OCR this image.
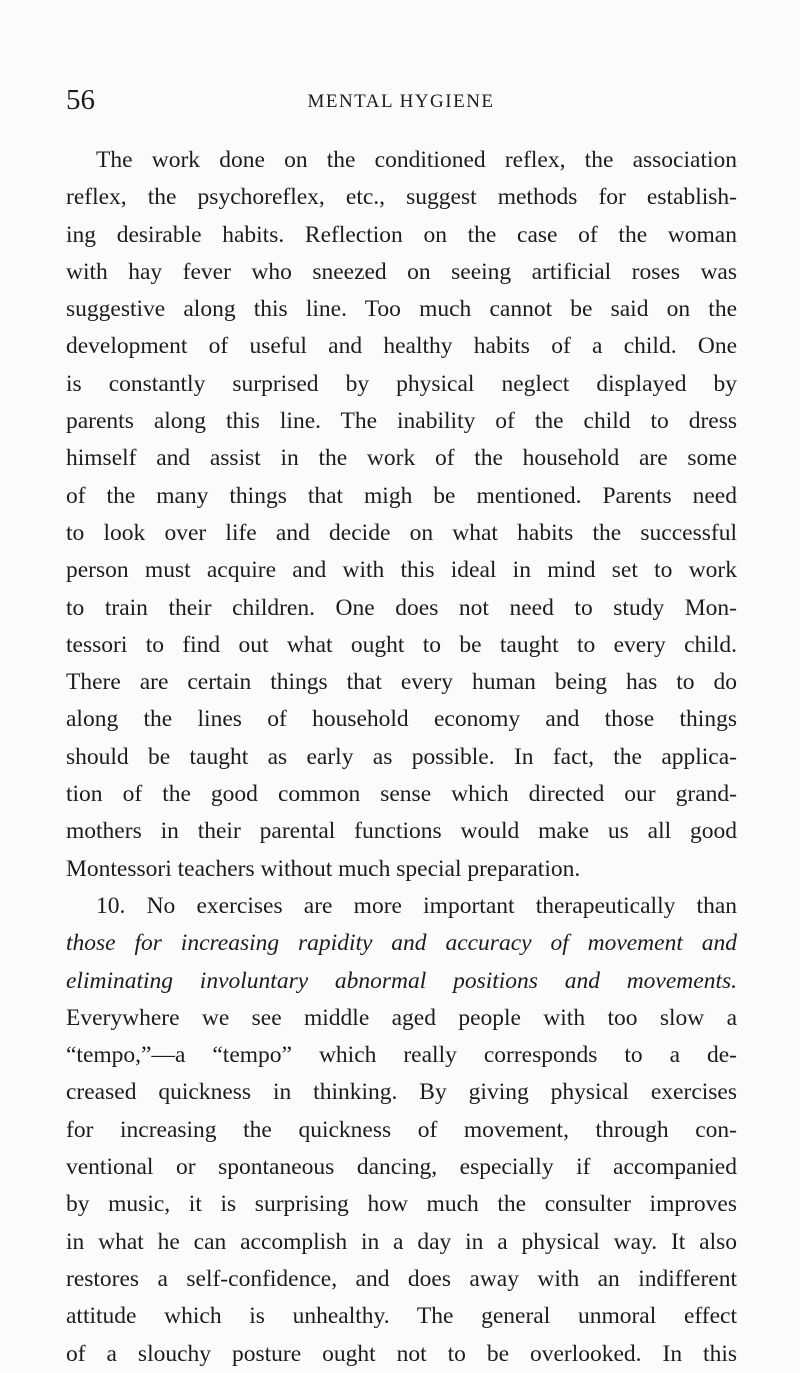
56	MENTAL HYGIENE
The work done on the conditioned reflex, the association
reflex, the psychoreflex, etc., suggest methods for establish-
ing desirable habits. Reflection on the case of the woman
with hay fever who sneezed on seeing artificial roses was
suggestive along this line. Too much cannot be said on the
development of useful and healthy habits of a child. One
is constantly surprised by physical neglect displayed by
parents along this line. The inability of the child to dress
himself and assist in the work of the household are some
of the many things that migh be mentioned. Parents need
to look over life and decide on what habits the successful
person must acquire and with this ideal in mind set to work
to train their children. One does not need to study Mon-
tessori to find out what ought to be taught to every child.
There are certain things that every human being has to do
along the lines of household economy and those things
should be taught as early as possible. In fact, the applica-
tion of the good common sense which directed our grand-
mothers in their parental functions would make us all good
Montessori teachers without much special preparation.
10. No exercises are more important therapeutically than
those for increasing rapidity and accuracy of movement and
eliminating involuntary abnormal positions and movements.
Everywhere we see middle aged people with too slow a
“tempo,”—a “tempo” which really corresponds to a de-
creased quickness in thinking. By giving physical exercises
for increasing the quickness of movement, through con-
ventional or spontaneous dancing, especially if accompanied
by music, it is surprising how much the consulter improves
in what he can accomplish in a day in a physical way. It also
restores a self-confidence, and does away with an indifferent
attitude which is unhealthy. The general unmoral effect
of a slouchy posture ought not to be overlooked. In this
